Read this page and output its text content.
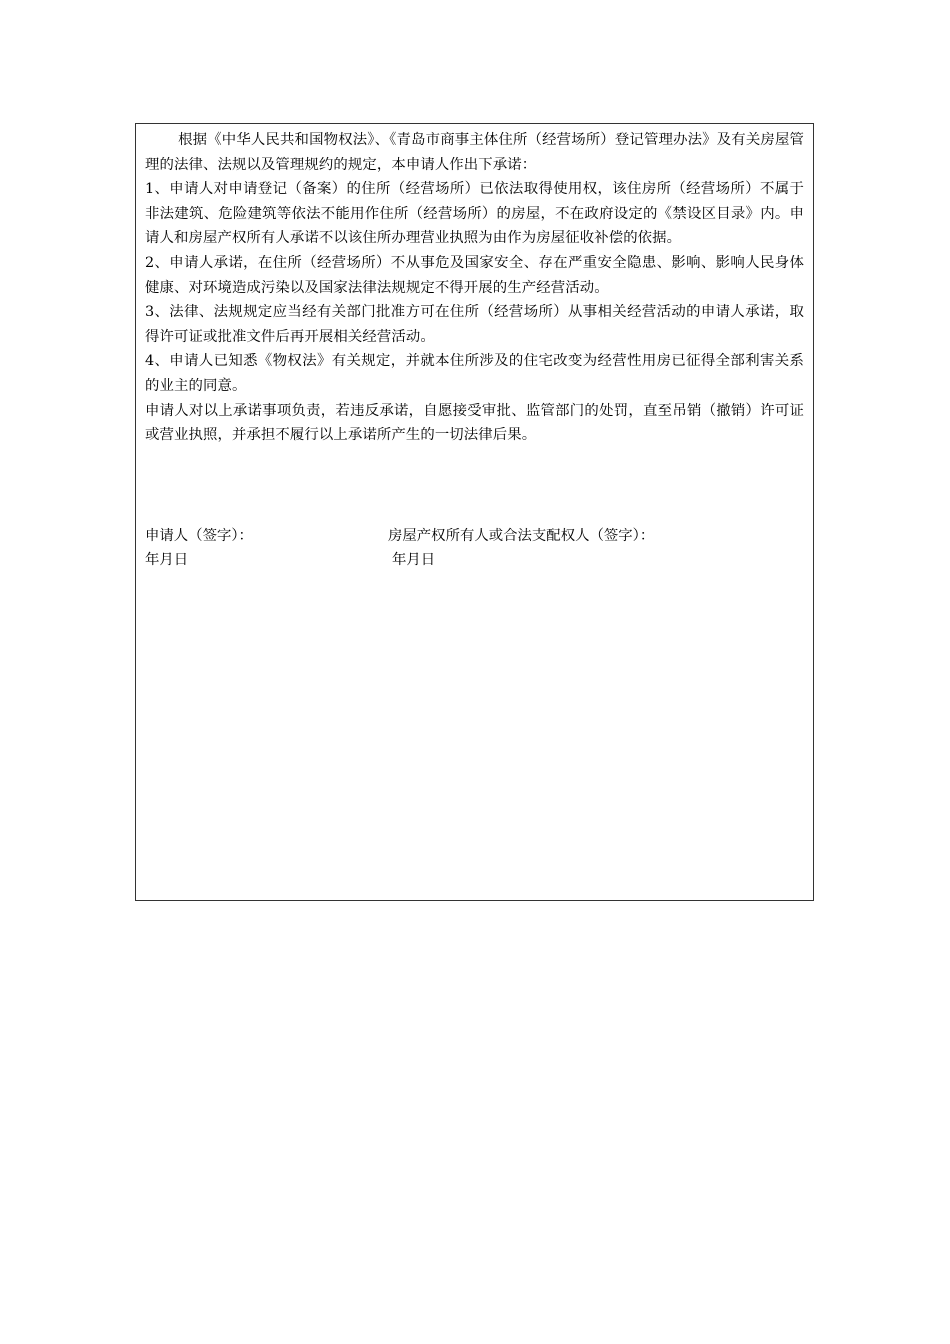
根据《中华人民共和国物权法》、《青岛市商事主体住所（经营场所）登记管理办法》及有关房屋管理的法律、法规以及管理规约的规定，本申请人作出下承诺：

1、申请人对申请登记（备案）的住所（经营场所）已依法取得使用权，该住房所（经营场所）不属于非法建筑、危险建筑等依法不能用作住所（经营场所）的房屋，不在政府设定的《禁设区目录》内。申请人和房屋产权所有人承诺不以该住所办理营业执照为由作为房屋征收补偿的依据。

2、申请人承诺，在住所（经营场所）不从事危及国家安全、存在严重安全隐患、影响、影响人民身体健康、对环境造成污染以及国家法律法规规定不得开展的生产经营活动。

3、法律、法规规定应当经有关部门批准方可在住所（经营场所）从事相关经营活动的申请人承诺，取得许可证或批准文件后再开展相关经营活动。

4、申请人已知悉《物权法》有关规定，并就本住所涉及的住宅改变为经营性用房已征得全部利害关系的业主的同意。

申请人对以上承诺事项负责，若违反承诺，自愿接受审批、监管部门的处罚，直至吊销（撤销）许可证或营业执照，并承担不履行以上承诺所产生的一切法律后果。

申请人（签字）：	房屋产权所有人或合法支配权人（签字）：
年月日	年月日
